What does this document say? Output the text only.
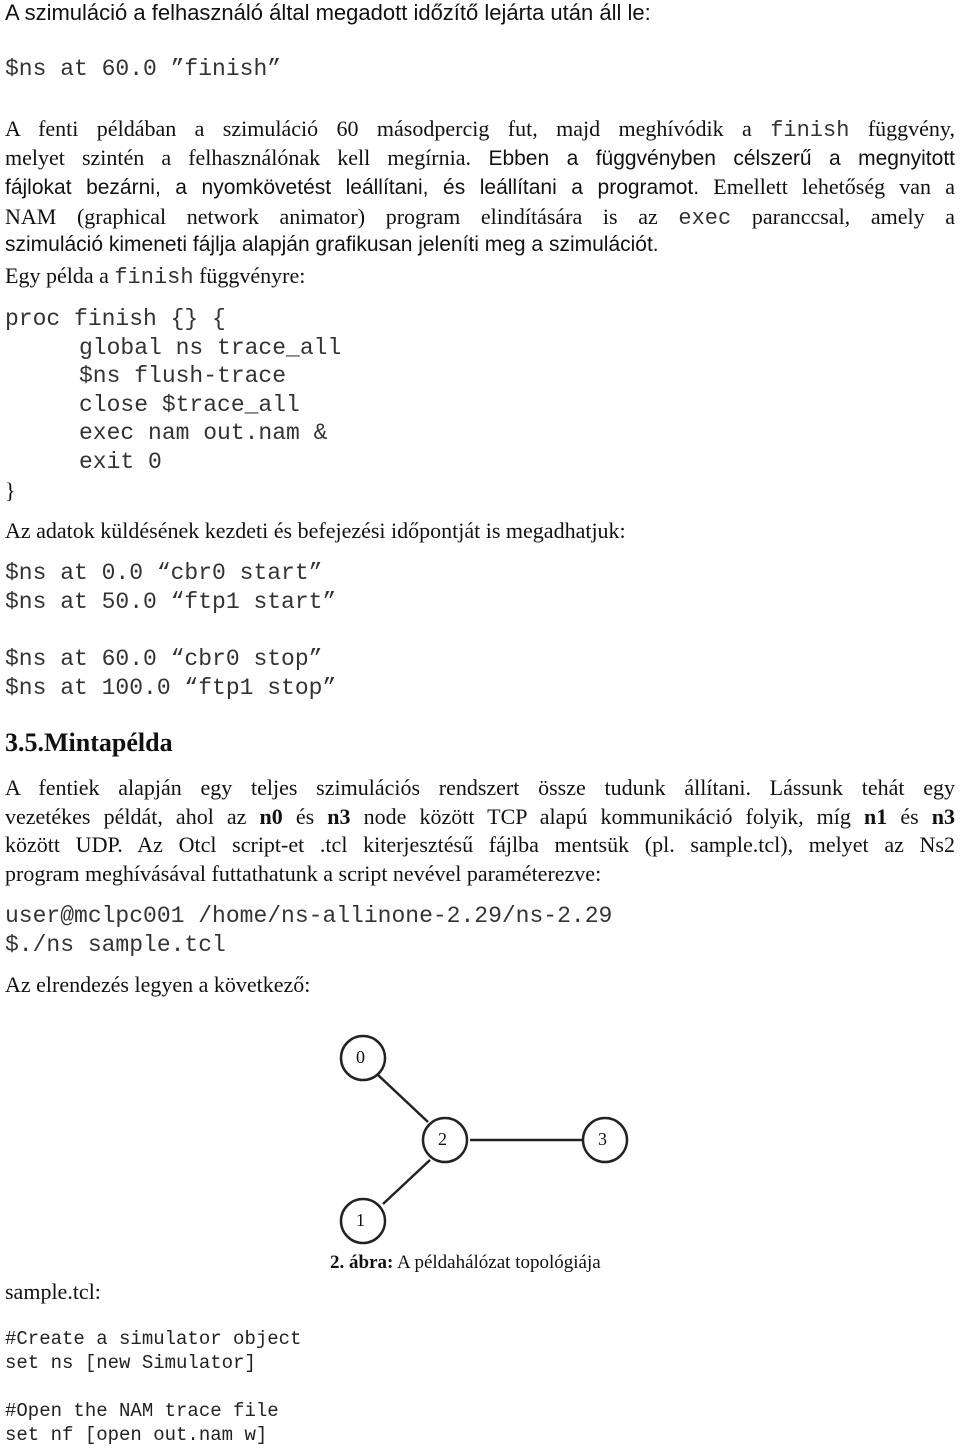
A szimuláció a felhasználó által megadott időzítő lejárta után áll le:
$ns at 60.0 ”finish”
A fenti példában a szimuláció 60 másodpercig fut, majd meghívódik a finish függvény,
melyet szintén a felhasználónak kell megírnia. Ebben a függvényben célszerű a megnyitott
fájlokat bezárni, a nyomkövetést leállítani, és leállítani a programot. Emellett lehetőség van a
NAM (graphical network animator) program elindítására is az exec paranccsal, amely a
szimuláció kimeneti fájlja alapján grafikusan jeleníti meg a szimulációt.
Egy példa a finish függvényre:
proc finish {} {
global ns trace_all
$ns flush-trace
close $trace_all
exec nam out.nam &
exit 0
}
Az adatok küldésének kezdeti és befejezési időpontját is megadhatjuk:
$ns at 0.0 “cbr0 start”
$ns at 50.0 “ftp1 start”
$ns at 60.0 “cbr0 stop”
$ns at 100.0 “ftp1 stop”
3.5.Mintapélda
A fentiek alapján egy teljes szimulációs rendszert össze tudunk állítani. Lássunk tehát egy
vezetékes példát, ahol az n0 és n3 node között TCP alapú kommunikáció folyik, míg n1 és n3
között UDP. Az Otcl script-et .tcl kiterjesztésű fájlba mentsük (pl. sample.tcl), melyet az Ns2
program meghívásával futtathatunk a script nevével paraméterezve:
user@mclpc001 /home/ns-allinone-2.29/ns-2.29
$./ns sample.tcl
Az elrendezés legyen a következő:
0
2	3
1
2. ábra: A példahálózat topológiája
sample.tcl:
#Create a simulator object
set ns [new Simulator]
#Open the NAM trace file
set nf [open out.nam w]
